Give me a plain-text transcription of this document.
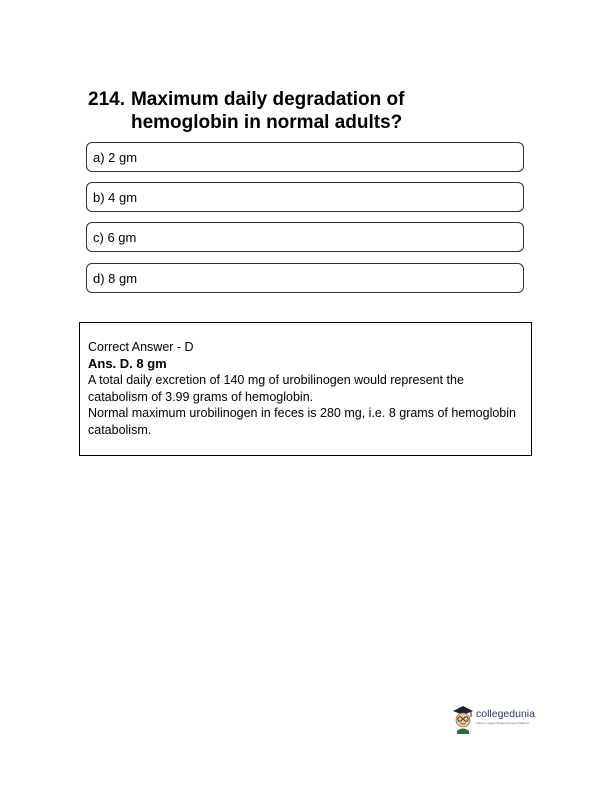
214. Maximum daily degradation of hemoglobin in normal adults?
a) 2 gm
b) 4 gm
c) 6 gm
d) 8 gm

Correct Answer - D

Ans. D. 8 gm

A total daily excretion of 140 mg of urobilinogen would represent the catabolism of 3.99 grams of hemoglobin.

Normal maximum urobilinogen in feces is 280 mg, i.e. 8 grams of hemoglobin catabolism.

collegedunia
India's Largest Student Review Platform
